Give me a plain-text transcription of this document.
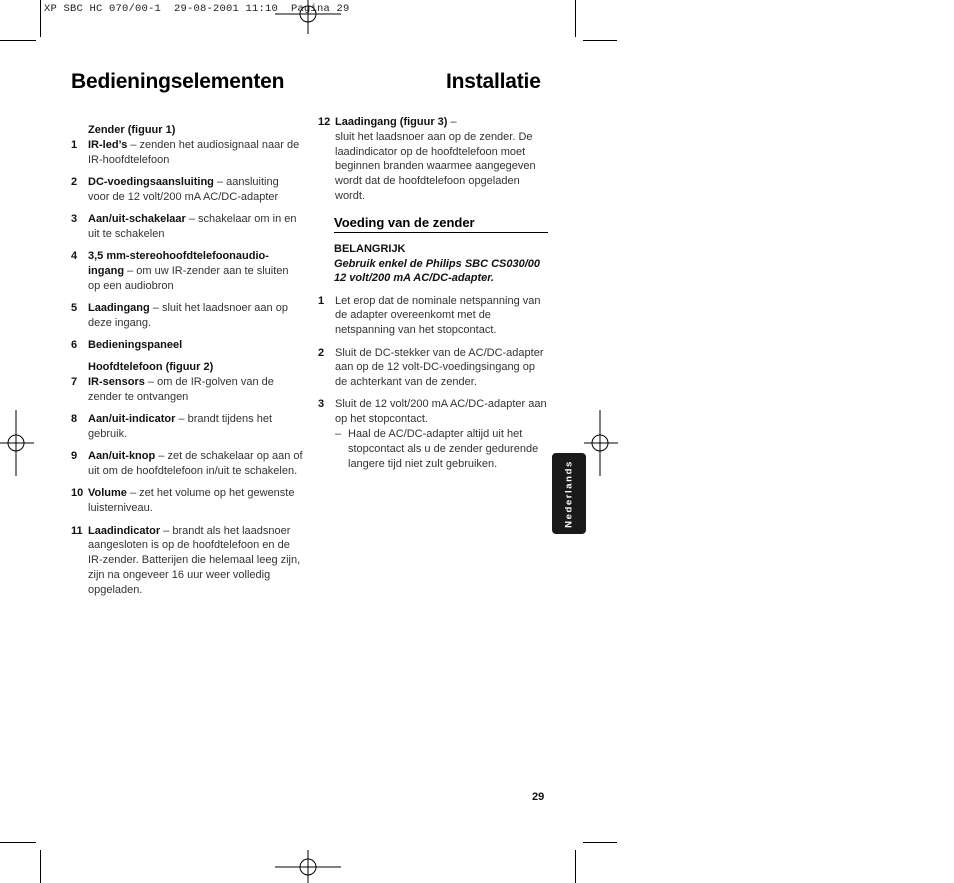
XP SBC HC 070/00-1  29-08-2001 11:10  Pagina 29
Bedieningselementen	Installatie
Zender (figuur 1)
1 IR-led’s – zenden het audiosignaal naar de IR-hoofdtelefoon
2 DC-voedingsaansluiting – aansluiting voor de 12 volt/200 mA AC/DC-adapter
3 Aan/uit-schakelaar – schakelaar om in en uit te schakelen
4 3,5 mm-stereohoofdtelefoonaudio-ingang – om uw IR-zender aan te sluiten op een audiobron
5 Laadingang – sluit het laadsnoer aan op deze ingang.
6 Bedieningspaneel
Hoofdtelefoon (figuur 2)
7 IR-sensors – om de IR-golven van de zender te ontvangen
8 Aan/uit-indicator – brandt tijdens het gebruik.
9 Aan/uit-knop – zet de schakelaar op aan of uit om de hoofdtelefoon in/uit te schakelen.
10 Volume – zet het volume op het gewenste luisterniveau.
11 Laadindicator – brandt als het laadsnoer aangesloten is op de hoofdtelefoon en de IR-zender. Batterijen die helemaal leeg zijn, zijn na ongeveer 16 uur weer volledig opgeladen.
12 Laadingang (figuur 3) –
sluit het laadsnoer aan op de zender. De laadindicator op de hoofdtelefoon moet beginnen branden waarmee aangegeven wordt dat de hoofdtelefoon opgeladen wordt.
Voeding van de zender
BELANGRIJK
Gebruik enkel de Philips SBC CS030/00 12 volt/200 mA AC/DC-adapter.
1 Let erop dat de nominale netspanning van de adapter overeenkomt met de netspanning van het stopcontact.
2 Sluit de DC-stekker van de AC/DC-adapter aan op de 12 volt-DC-voedingsingang op de achterkant van de zender.
3 Sluit de 12 volt/200 mA AC/DC-adapter aan op het stopcontact.
– Haal de AC/DC-adapter altijd uit het stopcontact als u de zender gedurende langere tijd niet zult gebruiken.	Nederlands
29
